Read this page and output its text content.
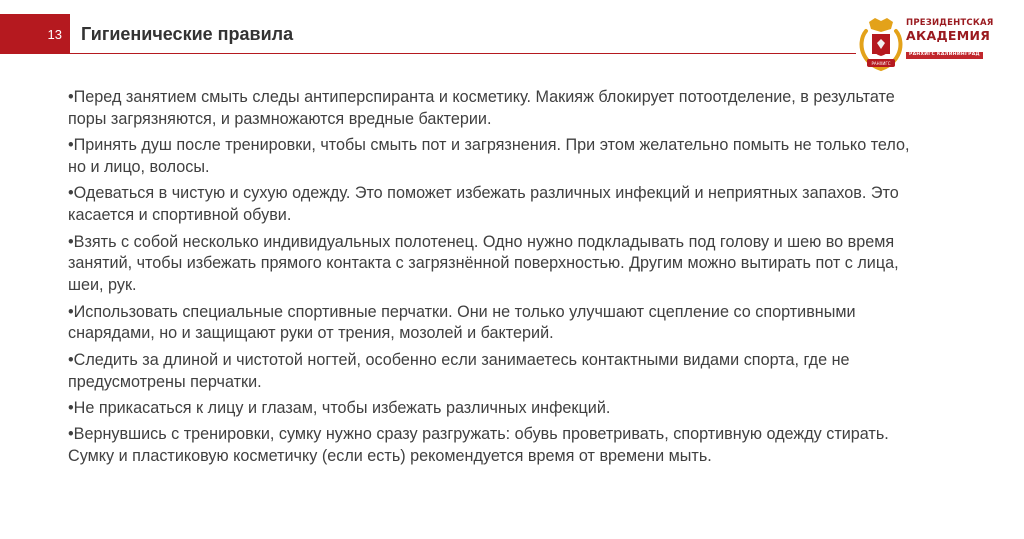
13 Гигиенические правила
РАНХИГС
ПРЕЗИДЕНТСКАЯ
АКАДЕМИЯ
РАНХИГС КАЛИНИНГРАД

•Перед занятием смыть следы антиперспиранта и косметику. Макияж блокирует потоотделение, в результате поры загрязняются, и размножаются вредные бактерии.

•Принять душ после тренировки, чтобы смыть пот и загрязнения. При этом желательно помыть не только тело, но и лицо, волосы.

•Одеваться в чистую и сухую одежду. Это поможет избежать различных инфекций и неприятных запахов. Это касается и спортивной обуви.

•Взять с собой несколько индивидуальных полотенец. Одно нужно подкладывать под голову и шею во время занятий, чтобы избежать прямого контакта с загрязнённой поверхностью. Другим можно вытирать пот с лица, шеи, рук.

•Использовать специальные спортивные перчатки. Они не только улучшают сцепление со спортивными снарядами, но и защищают руки от трения, мозолей и бактерий.

•Следить за длиной и чистотой ногтей, особенно если занимаетесь контактными видами спорта, где не предусмотрены перчатки.

•Не прикасаться к лицу и глазам, чтобы избежать различных инфекций.

•Вернувшись с тренировки, сумку нужно сразу разгружать: обувь проветривать, спортивную одежду стирать. Сумку и пластиковую косметичку (если есть) рекомендуется время от времени мыть.
